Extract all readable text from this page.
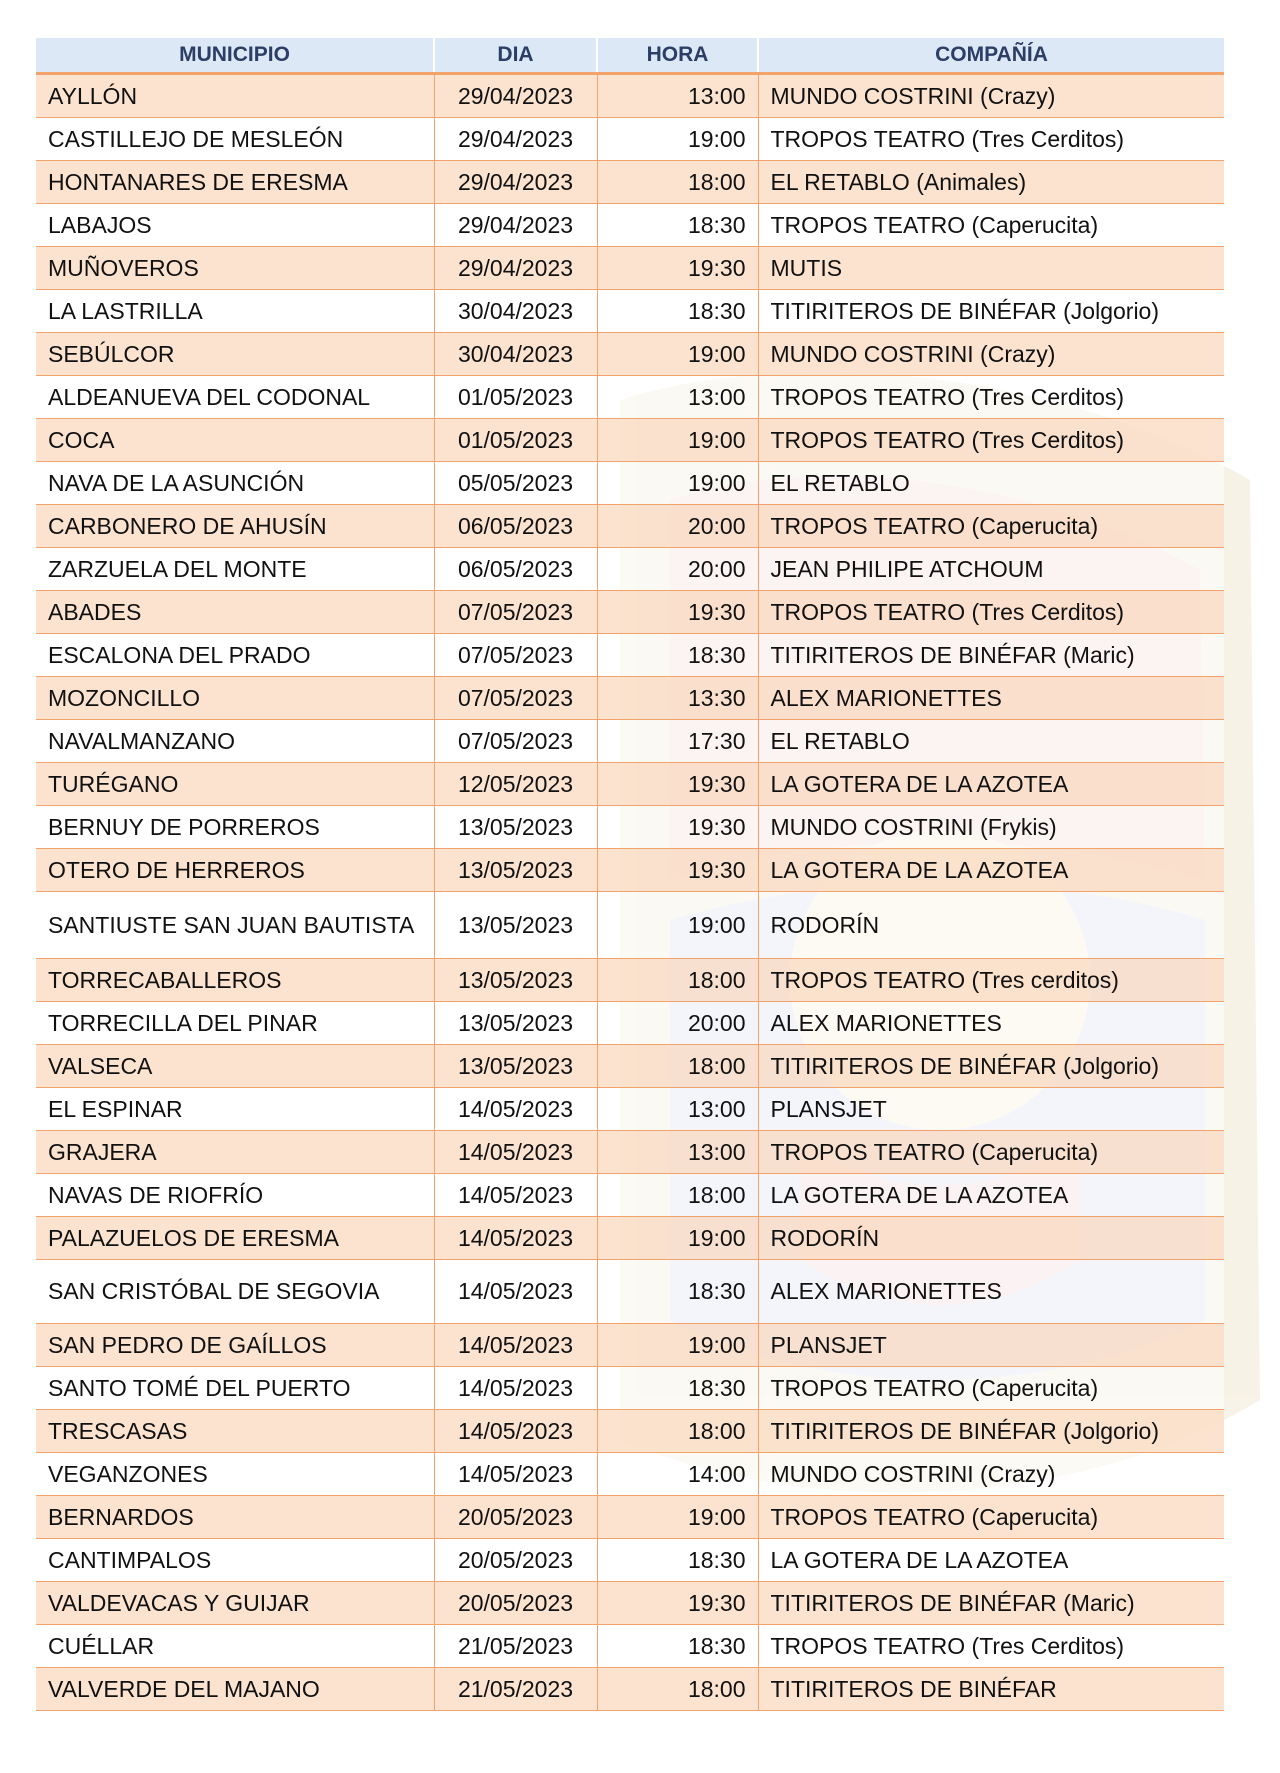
MUNICIPIO	DIA	HORA	COMPAÑÍA
AYLLÓN	29/04/2023	13:00	MUNDO COSTRINI (Crazy)
CASTILLEJO DE MESLEÓN	29/04/2023	19:00	TROPOS TEATRO (Tres Cerditos)
HONTANARES DE ERESMA	29/04/2023	18:00	EL RETABLO (Animales)
LABAJOS	29/04/2023	18:30	TROPOS TEATRO (Caperucita)
MUÑOVEROS	29/04/2023	19:30	MUTIS
LA LASTRILLA	30/04/2023	18:30	TITIRITEROS DE BINÉFAR (Jolgorio)
SEBÚLCOR	30/04/2023	19:00	MUNDO COSTRINI (Crazy)
ALDEANUEVA DEL CODONAL	01/05/2023	13:00	TROPOS TEATRO (Tres Cerditos)
COCA	01/05/2023	19:00	TROPOS TEATRO (Tres Cerditos)
NAVA DE LA ASUNCIÓN	05/05/2023	19:00	EL RETABLO
CARBONERO DE AHUSÍN	06/05/2023	20:00	TROPOS TEATRO (Caperucita)
ZARZUELA DEL MONTE	06/05/2023	20:00	JEAN PHILIPE ATCHOUM
ABADES	07/05/2023	19:30	TROPOS TEATRO (Tres Cerditos)
ESCALONA DEL PRADO	07/05/2023	18:30	TITIRITEROS DE BINÉFAR (Maric)
MOZONCILLO	07/05/2023	13:30	ALEX MARIONETTES
NAVALMANZANO	07/05/2023	17:30	EL RETABLO
TURÉGANO	12/05/2023	19:30	LA GOTERA DE LA AZOTEA
BERNUY DE PORREROS	13/05/2023	19:30	MUNDO COSTRINI (Frykis)
OTERO DE HERREROS	13/05/2023	19:30	LA GOTERA DE LA AZOTEA
SANTIUSTE SAN JUAN BAUTISTA	13/05/2023	19:00	RODORÍN
TORRECABALLEROS	13/05/2023	18:00	TROPOS TEATRO (Tres cerditos)
TORRECILLA DEL PINAR	13/05/2023	20:00	ALEX MARIONETTES
VALSECA	13/05/2023	18:00	TITIRITEROS DE BINÉFAR (Jolgorio)
EL ESPINAR	14/05/2023	13:00	PLANSJET
GRAJERA	14/05/2023	13:00	TROPOS TEATRO (Caperucita)
NAVAS DE RIOFRÍO	14/05/2023	18:00	LA GOTERA DE LA AZOTEA
PALAZUELOS DE ERESMA	14/05/2023	19:00	RODORÍN
SAN CRISTÓBAL DE SEGOVIA	14/05/2023	18:30	ALEX MARIONETTES
SAN PEDRO DE GAÍLLOS	14/05/2023	19:00	PLANSJET
SANTO TOMÉ DEL PUERTO	14/05/2023	18:30	TROPOS TEATRO (Caperucita)
TRESCASAS	14/05/2023	18:00	TITIRITEROS DE BINÉFAR (Jolgorio)
VEGANZONES	14/05/2023	14:00	MUNDO COSTRINI (Crazy)
BERNARDOS	20/05/2023	19:00	TROPOS TEATRO (Caperucita)
CANTIMPALOS	20/05/2023	18:30	LA GOTERA DE LA AZOTEA
VALDEVACAS Y GUIJAR	20/05/2023	19:30	TITIRITEROS DE BINÉFAR (Maric)
CUÉLLAR	21/05/2023	18:30	TROPOS TEATRO (Tres Cerditos)
VALVERDE DEL MAJANO	21/05/2023	18:00	TITIRITEROS DE BINÉFAR
